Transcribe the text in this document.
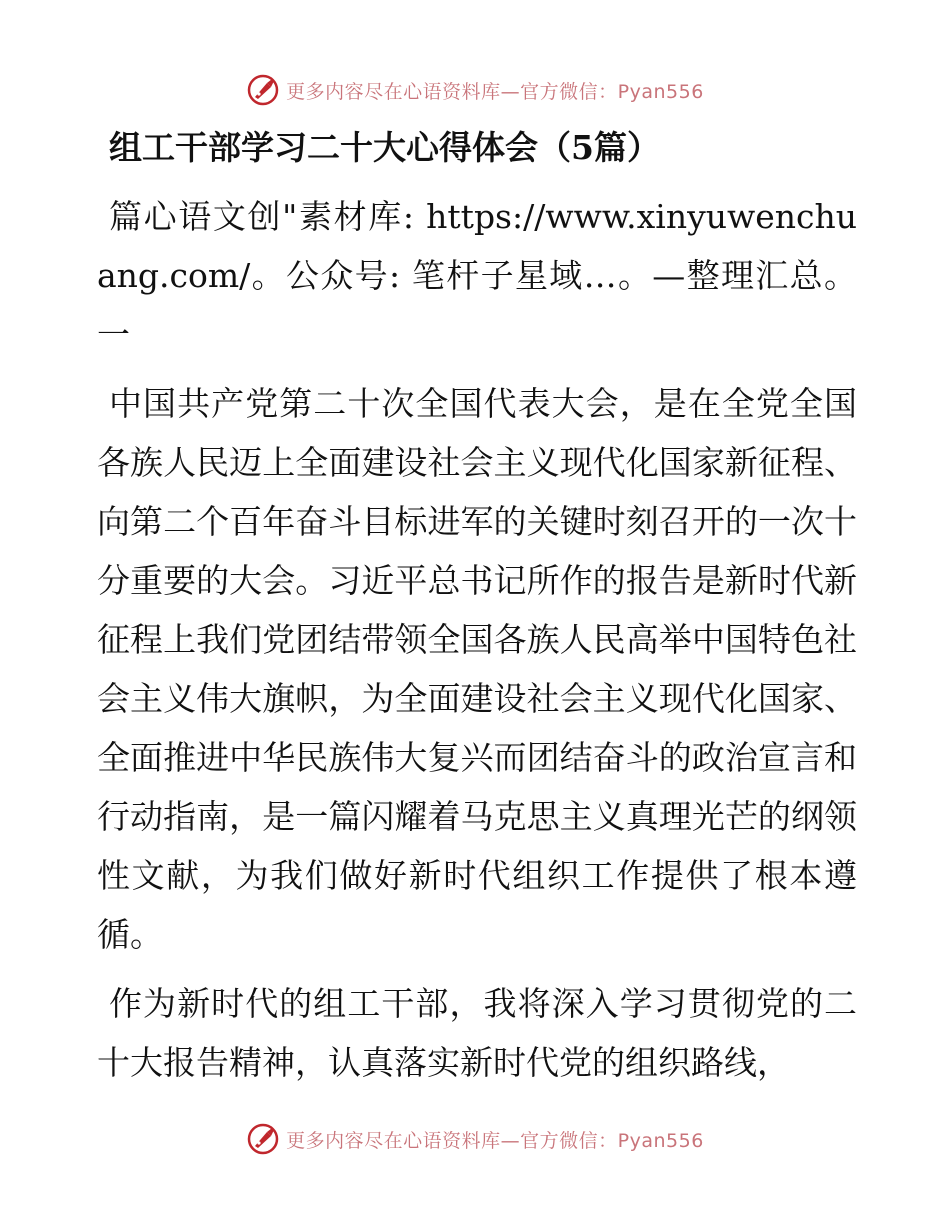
更多内容尽在心语资料库—官方微信：Pyan556
组工干部学习二十大心得体会（5篇）

篇心语文创"素材库: https://www.xinyuwenchuang.com/。公众号: 笔杆子星域…。—整理汇总。一

中国共产党第二十次全国代表大会，是在全党全国各族人民迈上全面建设社会主义现代化国家新征程、向第二个百年奋斗目标进军的关键时刻召开的一次十分重要的大会。习近平总书记所作的报告是新时代新征程上我们党团结带领全国各族人民高举中国特色社会主义伟大旗帜，为全面建设社会主义现代化国家、全面推进中华民族伟大复兴而团结奋斗的政治宣言和行动指南，是一篇闪耀着马克思主义真理光芒的纲领性文献，为我们做好新时代组织工作提供了根本遵循。

作为新时代的组工干部，我将深入学习贯彻党的二十大报告精神，认真落实新时代党的组织路线，

更多内容尽在心语资料库—官方微信：Pyan556
